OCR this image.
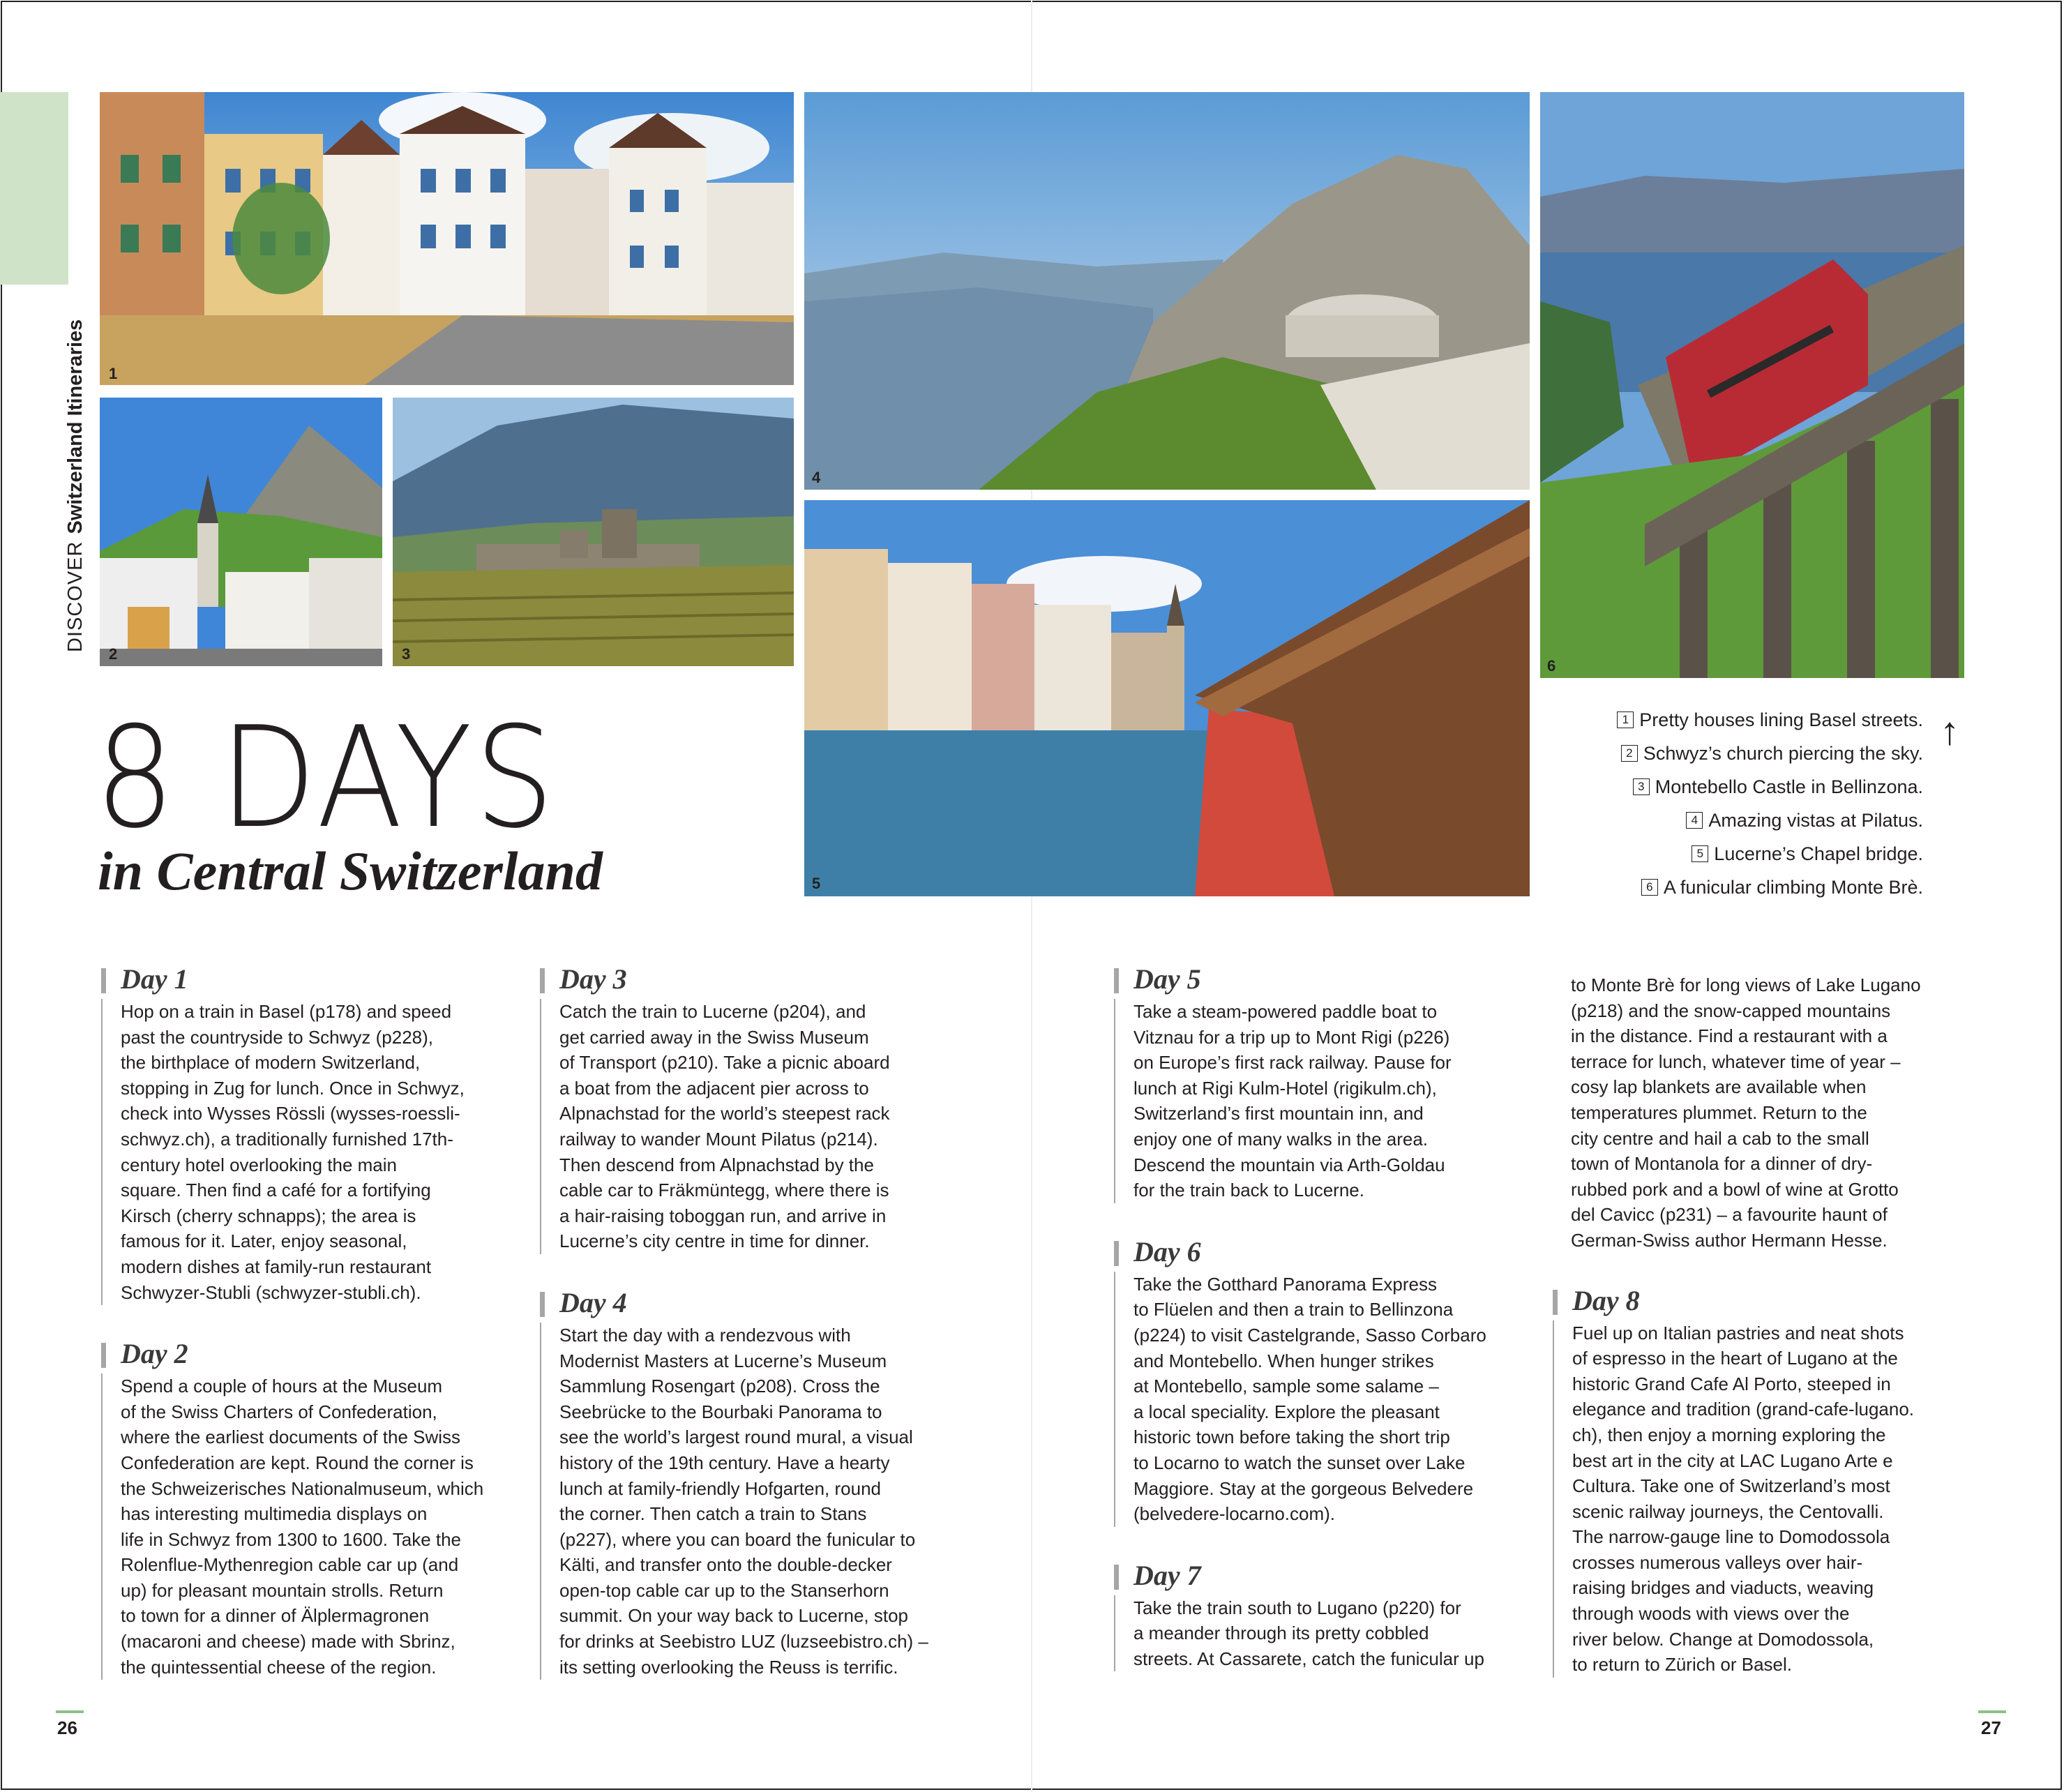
DISCOVERSwitzerland Itineraries 1
2	3
4
5
6
8 DAYS
in Central Switzerland
1 Pretty houses lining Basel streets.
2 Schwyz’s church piercing the sky.
3 Montebello Castle in Bellinzona.
4 Amazing vistas at Pilatus.
5 Lucerne’s Chapel bridge.
6 A funicular climbing Monte Brè.
↑
Day 1
Hop on a train in Basel (p178) and speed
past the countryside to Schwyz (p228),
the birthplace of modern Switzerland,
stopping in Zug for lunch. Once in Schwyz,
check into Wysses Rössli (wysses-roessli-
schwyz.ch), a traditionally furnished 17th-
century hotel overlooking the main
square. Then find a café for a fortifying
Kirsch (cherry schnapps); the area is
famous for it. Later, enjoy seasonal,
modern dishes at family-run restaurant
Schwyzer-Stubli (schwyzer-stubli.ch).
Day 2
Spend a couple of hours at the Museum
of the Swiss Charters of Confederation,
where the earliest documents of the Swiss
Confederation are kept. Round the corner is
the Schweizerisches Nationalmuseum, which
has interesting multimedia displays on
life in Schwyz from 1300 to 1600. Take the
Rolenflue-Mythenregion cable car up (and
up) for pleasant mountain strolls. Return
to town for a dinner of Älplermagronen
(macaroni and cheese) made with Sbrinz,
the quintessential cheese of the region.
Day 3
Catch the train to Lucerne (p204), and
get carried away in the Swiss Museum
of Transport (p210). Take a picnic aboard
a boat from the adjacent pier across to
Alpnachstad for the world’s steepest rack
railway to wander Mount Pilatus (p214).
Then descend from Alpnachstad by the
cable car to Fräkmüntegg, where there is
a hair-raising toboggan run, and arrive in
Lucerne’s city centre in time for dinner.
Day 4
Start the day with a rendezvous with
Modernist Masters at Lucerne’s Museum
Sammlung Rosengart (p208). Cross the
Seebrücke to the Bourbaki Panorama to
see the world’s largest round mural, a visual
history of the 19th century. Have a hearty
lunch at family-friendly Hofgarten, round
the corner. Then catch a train to Stans
(p227), where you can board the funicular to
Kälti, and transfer onto the double-decker
open-top cable car up to the Stanserhorn
summit. On your way back to Lucerne, stop
for drinks at Seebistro LUZ (luzseebistro.ch) –
its setting overlooking the Reuss is terrific.
Day 5
Take a steam-powered paddle boat to
Vitznau for a trip up to Mont Rigi (p226)
on Europe’s first rack railway. Pause for
lunch at Rigi Kulm-Hotel (rigikulm.ch),
Switzerland’s first mountain inn, and
enjoy one of many walks in the area.
Descend the mountain via Arth-Goldau
for the train back to Lucerne.
Day 6
Take the Gotthard Panorama Express
to Flüelen and then a train to Bellinzona
(p224) to visit Castelgrande, Sasso Corbaro
and Montebello. When hunger strikes
at Montebello, sample some salame –
a local speciality. Explore the pleasant
historic town before taking the short trip
to Locarno to watch the sunset over Lake
Maggiore. Stay at the gorgeous Belvedere
(belvedere-locarno.com).
Day 7
Take the train south to Lugano (p220) for
a meander through its pretty cobbled
streets. At Cassarete, catch the funicular up
to Monte Brè for long views of Lake Lugano
(p218) and the snow-capped mountains
in the distance. Find a restaurant with a
terrace for lunch, whatever time of year –
cosy lap blankets are available when
temperatures plummet. Return to the
city centre and hail a cab to the small
town of Montanola for a dinner of dry-
rubbed pork and a bowl of wine at Grotto
del Cavicc (p231) – a favourite haunt of
German-Swiss author Hermann Hesse.
Day 8
Fuel up on Italian pastries and neat shots
of espresso in the heart of Lugano at the
historic Grand Cafe Al Porto, steeped in
elegance and tradition (grand-cafe-lugano.
ch), then enjoy a morning exploring the
best art in the city at LAC Lugano Arte e
Cultura. Take one of Switzerland’s most
scenic railway journeys, the Centovalli.
The narrow-gauge line to Domodossola
crosses numerous valleys over hair-
raising bridges and viaducts, weaving
through woods with views over the
river below. Change at Domodossola,
to return to Zürich or Basel.
26	27
